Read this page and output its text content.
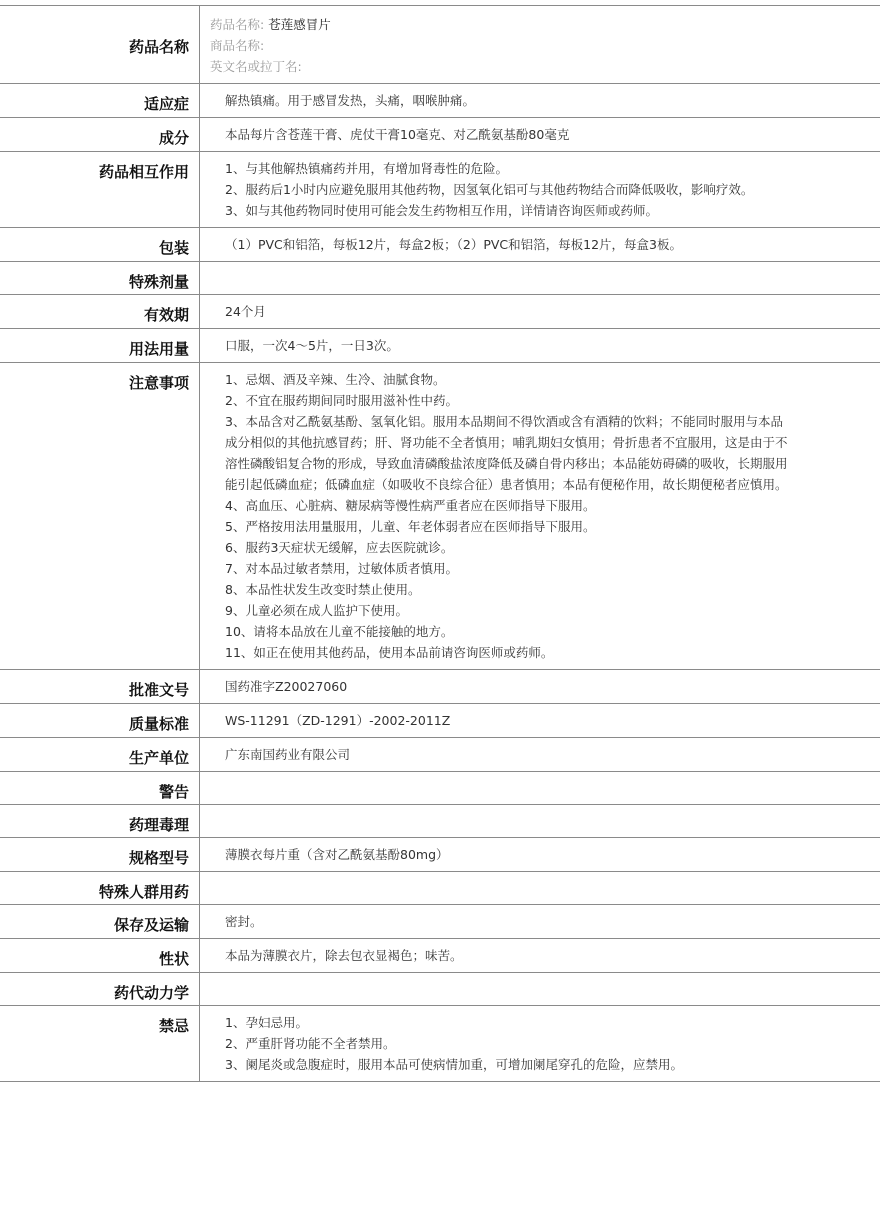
药品名称
药品名称: 苍莲感冒片
商品名称:
英文名或拉丁名:
适应症	解热镇痛。用于感冒发热，头痛，咽喉肿痛。
成分	本品每片含苍莲干膏、虎仗干膏10毫克、对乙酰氨基酚80毫克
药品相互作用	1、与其他解热镇痛药并用，有增加肾毒性的危险。
2、服药后1小时内应避免服用其他药物，因氢氧化铝可与其他药物结合而降低吸收，影响疗效。
3、如与其他药物同时使用可能会发生药物相互作用，详情请咨询医师或药师。
包装	（1）PVC和铝箔，每板12片，每盒2板；（2）PVC和铝箔，每板12片，每盒3板。
特殊剂量
有效期	24个月
用法用量	口服，一次4～5片，一日3次。
注意事项	1、忌烟、酒及辛辣、生冷、油腻食物。
2、不宜在服药期间同时服用滋补性中药。
3、本品含对乙酰氨基酚、氢氧化铝。服用本品期间不得饮酒或含有酒精的饮料；不能同时服用与本品成分相似的其他抗感冒药；肝、肾功能不全者慎用；哺乳期妇女慎用；骨折患者不宜服用，这是由于不溶性磷酸铝复合物的形成，导致血清磷酸盐浓度降低及磷自骨内移出；本品能妨碍磷的吸收，长期服用能引起低磷血症；低磷血症（如吸收不良综合征）患者慎用；本品有便秘作用，故长期便秘者应慎用。
4、高血压、心脏病、糖尿病等慢性病严重者应在医师指导下服用。
5、严格按用法用量服用，儿童、年老体弱者应在医师指导下服用。
6、服药3天症状无缓解，应去医院就诊。
7、对本品过敏者禁用，过敏体质者慎用。
8、本品性状发生改变时禁止使用。
9、儿童必须在成人监护下使用。
10、请将本品放在儿童不能接触的地方。
11、如正在使用其他药品，使用本品前请咨询医师或药师。
批准文号	国药准字Z20027060
质量标准	WS-11291（ZD-1291）-2002-2011Z
生产单位	广东南国药业有限公司
警告
药理毒理
规格型号	薄膜衣每片重（含对乙酰氨基酚80mg）
特殊人群用药
保存及运输	密封。
性状	本品为薄膜衣片，除去包衣显褐色；味苦。
药代动力学
禁忌	1、孕妇忌用。
2、严重肝肾功能不全者禁用。
3、阑尾炎或急腹症时，服用本品可使病情加重，可增加阑尾穿孔的危险，应禁用。
